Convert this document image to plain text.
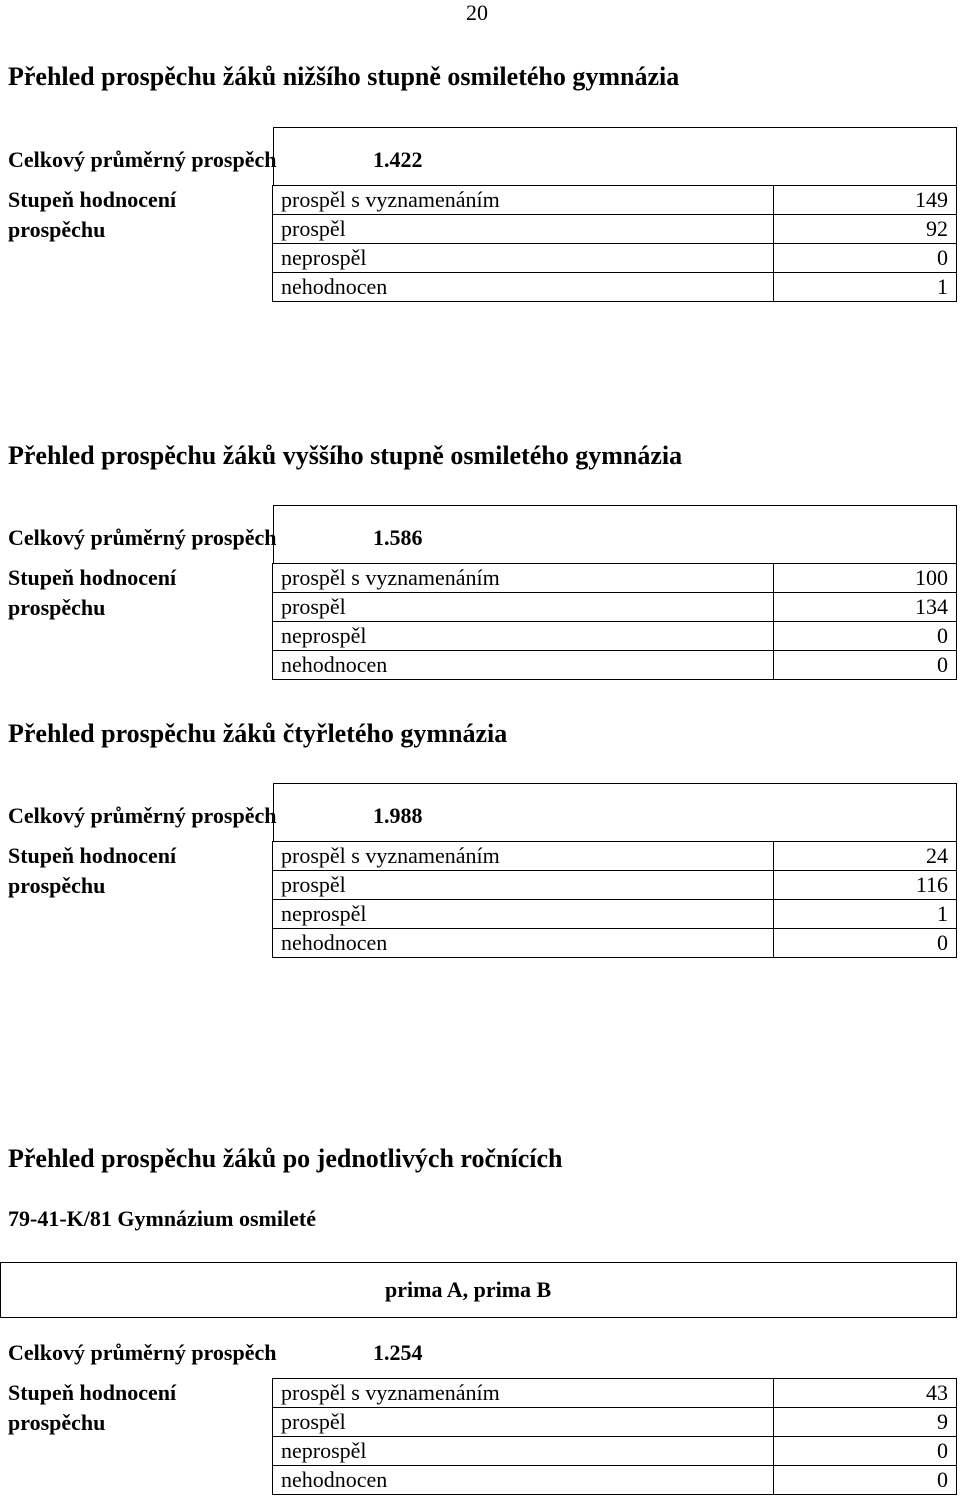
20
Přehled prospěchu žáků nižšího stupně osmiletého gymnázia
Celkový průměrný prospěch	1.422
Stupeň hodnocení
prospěchu
prospěl s vyznamenáním	149
prospěl	92
neprospěl	0
nehodnocen	1
Přehled prospěchu žáků vyššího stupně osmiletého gymnázia
Celkový průměrný prospěch	1.586
Stupeň hodnocení
prospěchu
prospěl s vyznamenáním	100
prospěl	134
neprospěl	0
nehodnocen	0
Přehled prospěchu žáků čtyřletého gymnázia
Celkový průměrný prospěch	1.988
Stupeň hodnocení
prospěchu
prospěl s vyznamenáním	24
prospěl	116
neprospěl	1
nehodnocen	0
Přehled prospěchu žáků po jednotlivých ročnících
79-41-K/81 Gymnázium osmileté
prima A, prima B
Celkový průměrný prospěch	1.254
Stupeň hodnocení
prospěchu
prospěl s vyznamenáním	43
prospěl	9
neprospěl	0
nehodnocen	0
